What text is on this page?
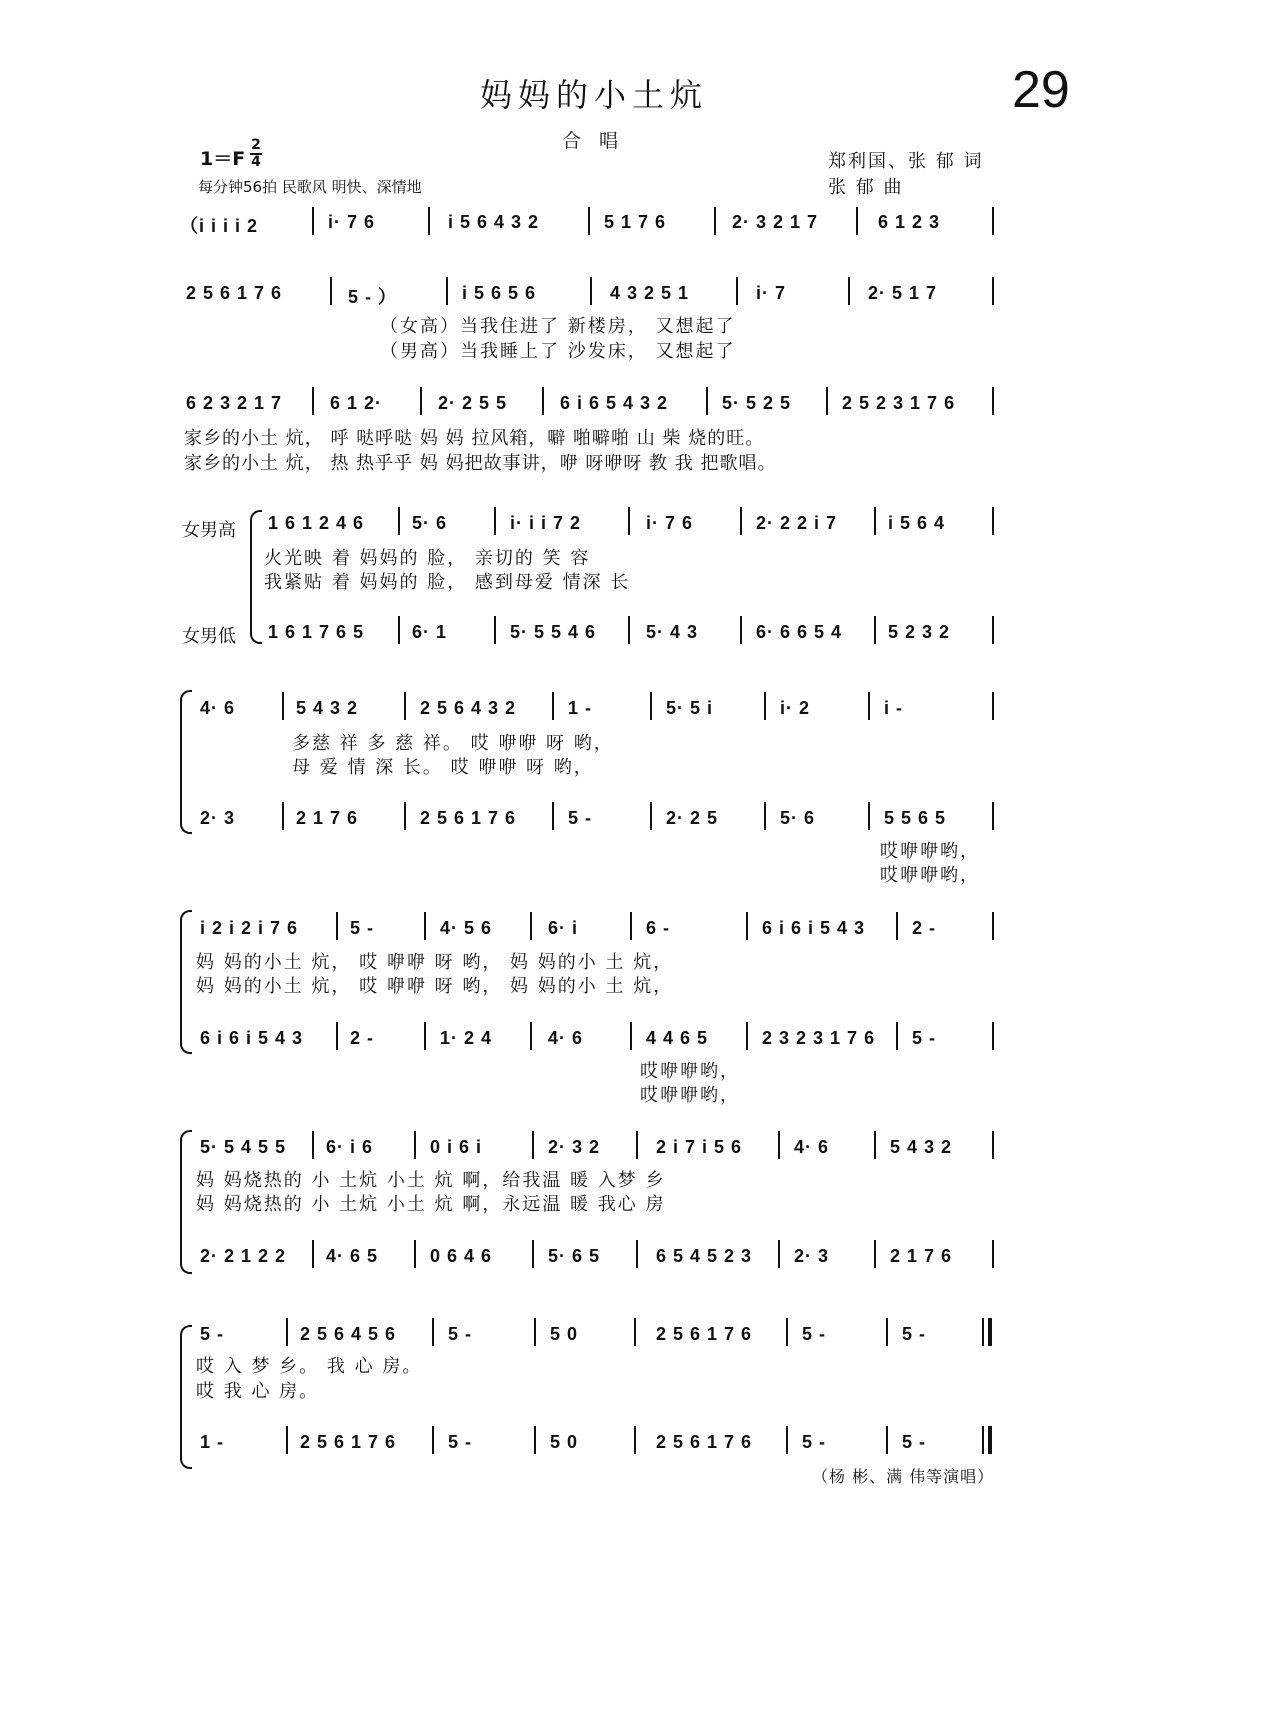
妈妈的小土炕	29
合 唱
1＝F
2
4
每分钟56拍 民歌风 明快、深情地
郑利国、张 郁 词
张 郁 曲
（i i i i 2	i· 7 6	i 5 6 4 3 2	5 1 7 6	2· 3 2 1 7	6 1 2 3
2 5 6 1 7 6	5 - ）	i 5 6 5 6	4 3 2 5 1	i· 7	2· 5 1 7
（女高）当我住进了 新楼房， 又想起了
（男高）当我睡上了 沙发床， 又想起了
6 2 3 2 1 7	6 1 2·	2· 2 5 5	6 i 6 5 4 3 2	5· 5 2 5	2 5 2 3 1 7 6
家乡的小土 炕， 呼 哒呼哒 妈 妈 拉风箱，噼 啪噼啪 山 柴 烧的旺。
家乡的小土 炕， 热 热乎乎 妈 妈把故事讲，咿 呀咿呀 教 我 把歌唱。
女男高
女男低
1 6 1 2 4 6	5· 6	i· i i 7 2	i· 7 6	2· 2 2 i 7	i 5 6 4
火光映 着 妈妈的 脸， 亲切的 笑 容
我紧贴 着 妈妈的 脸， 感到母爱 情深 长
1 6 1 7 6 5	6· 1	5· 5 5 4 6	5· 4 3	6· 6 6 5 4	5 2 3 2
4· 6	5 4 3 2	2 5 6 4 3 2	1 -	5· 5 i	i· 2	i -
多慈 祥 多 慈 祥。 哎 咿咿 呀 哟，
母 爱 情 深 长。 哎 咿咿 呀 哟，
2· 3	2 1 7 6	2 5 6 1 7 6	5 -	2· 2 5	5· 6	5 5 6 5
哎咿咿哟，
哎咿咿哟，
i 2 i 2 i 7 6	5 -	4· 5 6	6· i	6 -	6 i 6 i 5 4 3	2 -
妈 妈的小土 炕， 哎 咿咿 呀 哟， 妈 妈的小 土 炕，
妈 妈的小土 炕， 哎 咿咿 呀 哟， 妈 妈的小 土 炕，
6 i 6 i 5 4 3	2 -	1· 2 4	4· 6	4 4 6 5	2 3 2 3 1 7 6 5 -
哎咿咿哟，
哎咿咿哟，
5· 5 4 5 5 6· i 6	0 i 6 i	2· 3 2	2 i 7 i 5 6	4· 6	5 4 3 2
妈 妈烧热的 小 土炕 小土 炕 啊，给我温 暖 入梦 乡
妈 妈烧热的 小 土炕 小土 炕 啊，永远温 暖 我心 房
2· 2 1 2 2 4· 6 5	0 6 4 6	5· 6 5	6 5 4 5 2 3 2· 3	2 1 7 6
5 -	2 5 6 4 5 6	5 -	5 0	2 5 6 1 7 6	5 -	5 -
哎 入 梦 乡。 我 心 房。
哎 我 心 房。
1 -	2 5 6 1 7 6	5 -	5 0	2 5 6 1 7 6	5 -	5 -
（杨 彬、满 伟等演唱）
